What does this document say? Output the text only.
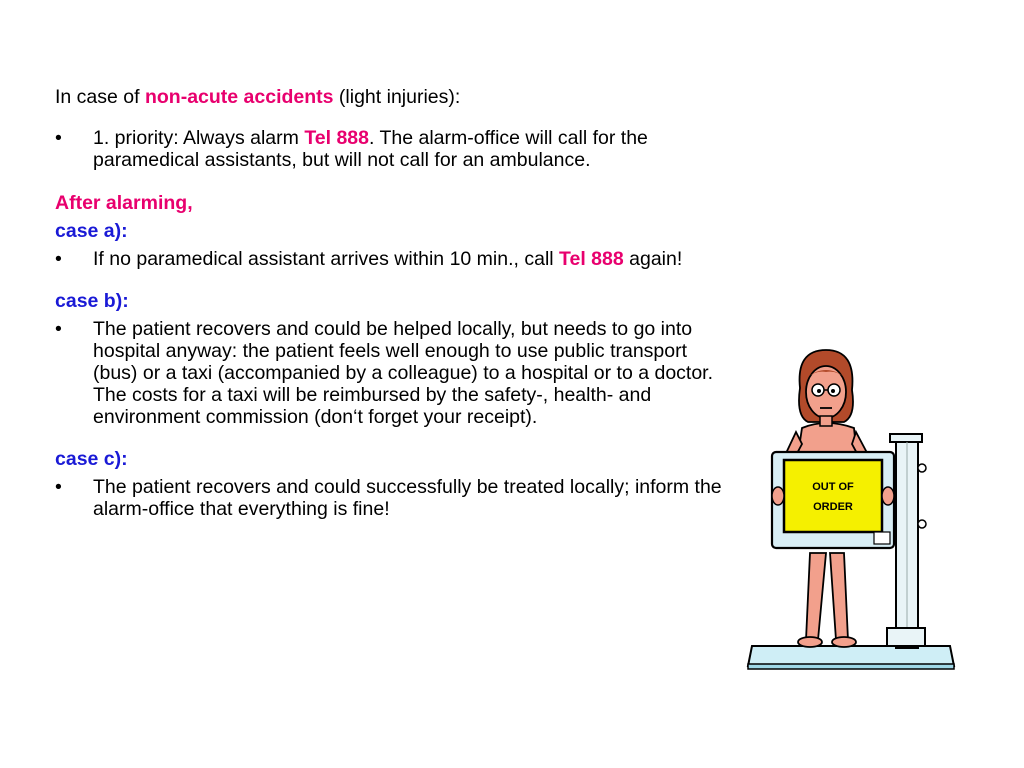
In case of non-acute accidents (light injuries):

•	1. priority: Always alarm Tel 888. The alarm-office will call for the paramedical assistants, but will not call for an ambulance.

After alarming,

case a):

•	If no paramedical assistant arrives within 10 min., call Tel 888 again!

case b):

•	The patient recovers and could be helped locally, but needs to go into hospital anyway: the patient feels well enough to use public transport (bus) or a taxi (accompanied by a colleague) to a hospital or to a doctor. The costs for a taxi will be reimbursed by the safety-, health- and environment commission (don‘t forget your receipt).

case c):

•	The patient recovers and could successfully be treated locally; inform the alarm-office that everything is fine!
OUT OF
ORDER
